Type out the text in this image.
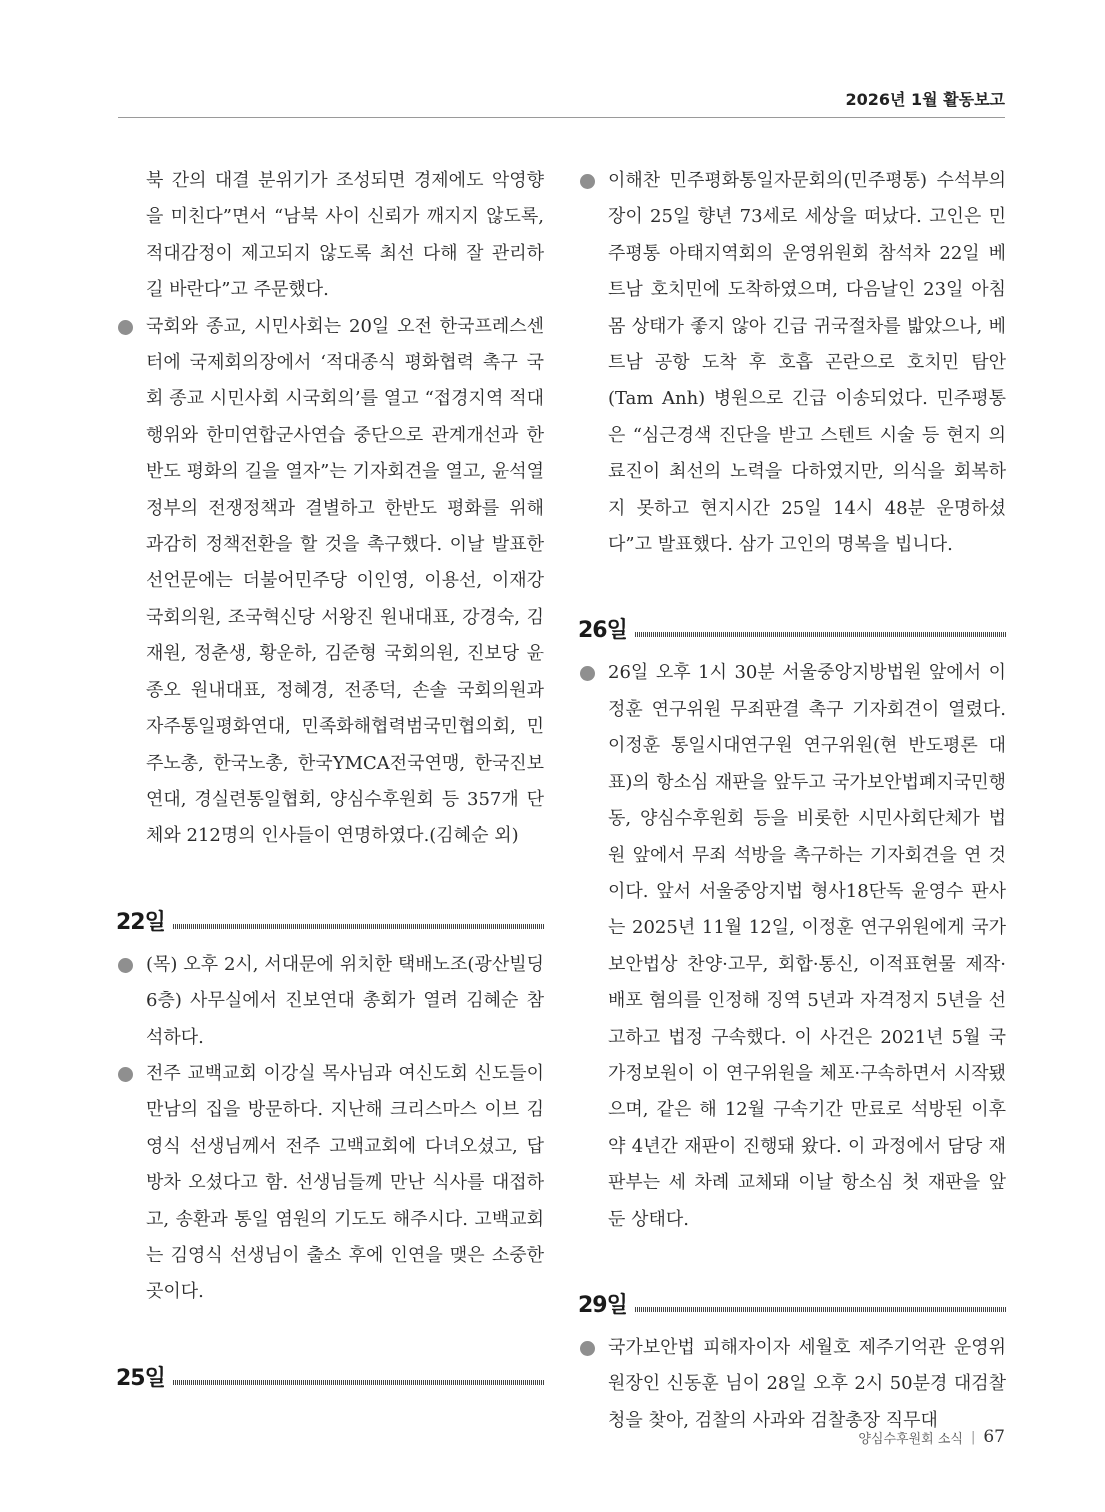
2026년 1월 활동보고

북 간의 대결 분위기가 조성되면 경제에도 악영향을 미친다”면서 “남북 사이 신뢰가 깨지지 않도록, 적대감정이 제고되지 않도록 최선 다해 잘 관리하길 바란다”고 주문했다.

국회와 종교, 시민사회는 20일 오전 한국프레스센터에 국제회의장에서 ‘적대종식 평화협력 촉구 국회 종교 시민사회 시국회의’를 열고 “접경지역 적대행위와 한미연합군사연습 중단으로 관계개선과 한반도 평화의 길을 열자”는 기자회견을 열고, 윤석열 정부의 전쟁정책과 결별하고 한반도 평화를 위해 과감히 정책전환을 할 것을 촉구했다. 이날 발표한 선언문에는 더불어민주당 이인영, 이용선, 이재강 국회의원, 조국혁신당 서왕진 원내대표, 강경숙, 김재원, 정춘생, 황운하, 김준형 국회의원, 진보당 윤종오 원내대표, 정혜경, 전종덕, 손솔 국회의원과 자주통일평화연대, 민족화해협력범국민협의회, 민주노총, 한국노총, 한국YMCA전국연맹, 한국진보연대, 경실련통일협회, 양심수후원회 등 357개 단체와 212명의 인사들이 연명하였다.(김혜순 외)
22일
(목) 오후 2시, 서대문에 위치한 택배노조(광산빌딩 6층) 사무실에서 진보연대 총회가 열려 김혜순 참석하다.
전주 교백교회 이강실 목사님과 여신도회 신도들이 만남의 집을 방문하다. 지난해 크리스마스 이브 김영식 선생님께서 전주 고백교회에 다녀오셨고, 답방차 오셨다고 함. 선생님들께 만난 식사를 대접하고, 송환과 통일 염원의 기도도 해주시다. 고백교회는 김영식 선생님이 출소 후에 인연을 맺은 소중한 곳이다.
25일
이해찬 민주평화통일자문회의(민주평통) 수석부의장이 25일 향년 73세로 세상을 떠났다. 고인은 민주평통 아태지역회의 운영위원회 참석차 22일 베트남 호치민에 도착하였으며, 다음날인 23일 아침 몸 상태가 좋지 않아 긴급 귀국절차를 밟았으나, 베트남 공항 도착 후 호흡 곤란으로 호치민 탐안(Tam Anh) 병원으로 긴급 이송되었다. 민주평통은 “심근경색 진단을 받고 스텐트 시술 등 현지 의료진이 최선의 노력을 다하였지만, 의식을 회복하지 못하고 현지시간 25일 14시 48분 운명하셨다”고 발표했다. 삼가 고인의 명복을 빕니다.
26일
26일 오후 1시 30분 서울중앙지방법원 앞에서 이정훈 연구위원 무죄판결 촉구 기자회견이 열렸다. 이정훈 통일시대연구원 연구위원(현 반도평론 대표)의 항소심 재판을 앞두고 국가보안법폐지국민행동, 양심수후원회 등을 비롯한 시민사회단체가 법원 앞에서 무죄 석방을 촉구하는 기자회견을 연 것이다. 앞서 서울중앙지법 형사18단독 윤영수 판사는 2025년 11월 12일, 이정훈 연구위원에게 국가보안법상 찬양·고무, 회합·통신, 이적표현물 제작·배포 혐의를 인정해 징역 5년과 자격정지 5년을 선고하고 법정 구속했다. 이 사건은 2021년 5월 국가정보원이 이 연구위원을 체포·구속하면서 시작됐으며, 같은 해 12월 구속기간 만료로 석방된 이후 약 4년간 재판이 진행돼 왔다. 이 과정에서 담당 재판부는 세 차례 교체돼 이날 항소심 첫 재판을 앞 둔 상태다.
29일
국가보안법 피해자이자 세월호 제주기억관 운영위원장인 신동훈 님이 28일 오후 2시 50분경 대검찰청을 찾아, 검찰의 사과와 검찰총장 직무대
양심수후원회 소식 | 67
